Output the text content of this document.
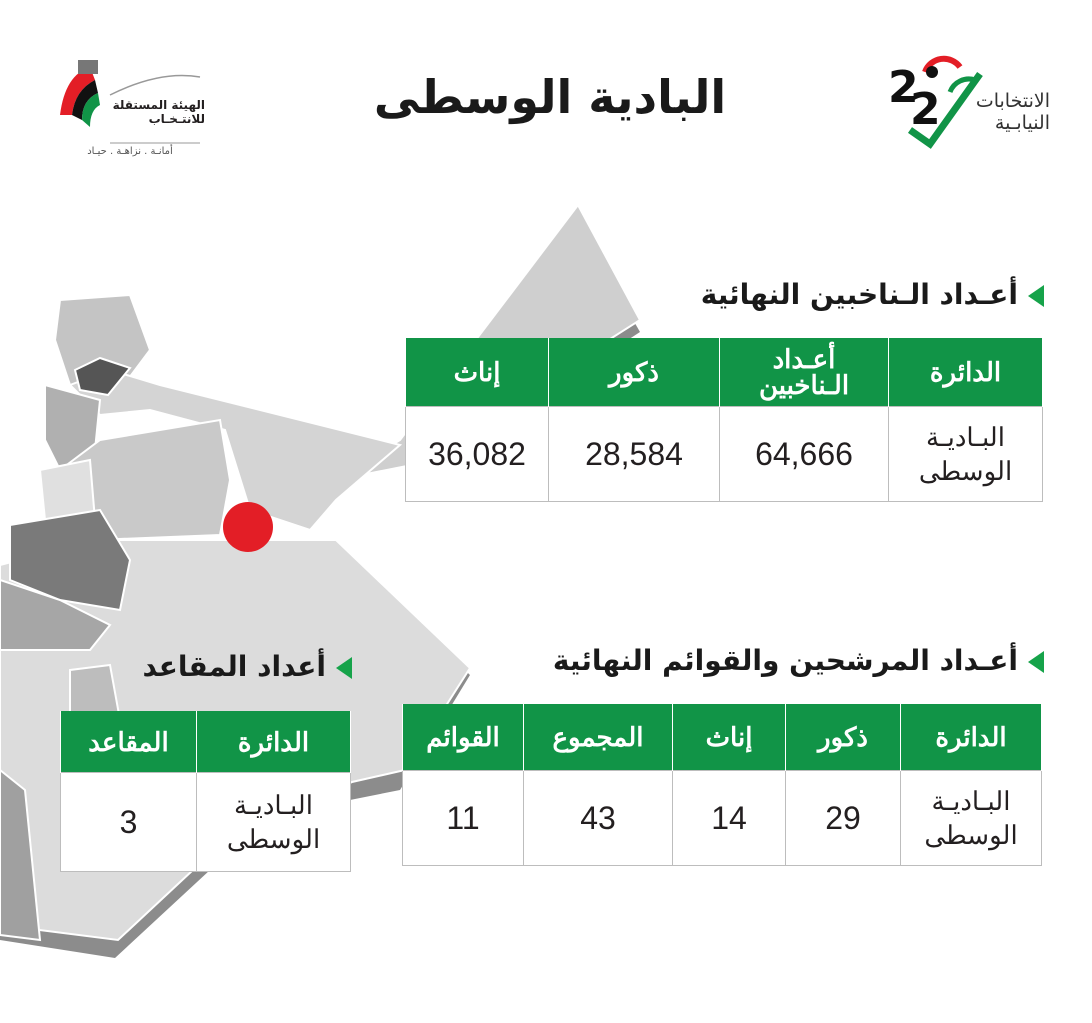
الهيئة المستقلة
للانتـخـاب
أمانـة . نزاهـة . حيـاد
البادية الوسطى	2
2	الانتخابات
النيابـية
أعـداد الـناخبين النهائية
الدائرة	أعـداد الـناخبين	ذكور	إناث
البـاديـة الوسطى	64,666	28,584	36,082
أعـداد المرشحين والقوائم النهائية
الدائرة	ذكور	إناث	المجموع	القوائم
البـاديـة الوسطى	29	14	43	11
أعداد المقاعد
الدائرة	المقاعد
البـاديـة الوسطى	3
